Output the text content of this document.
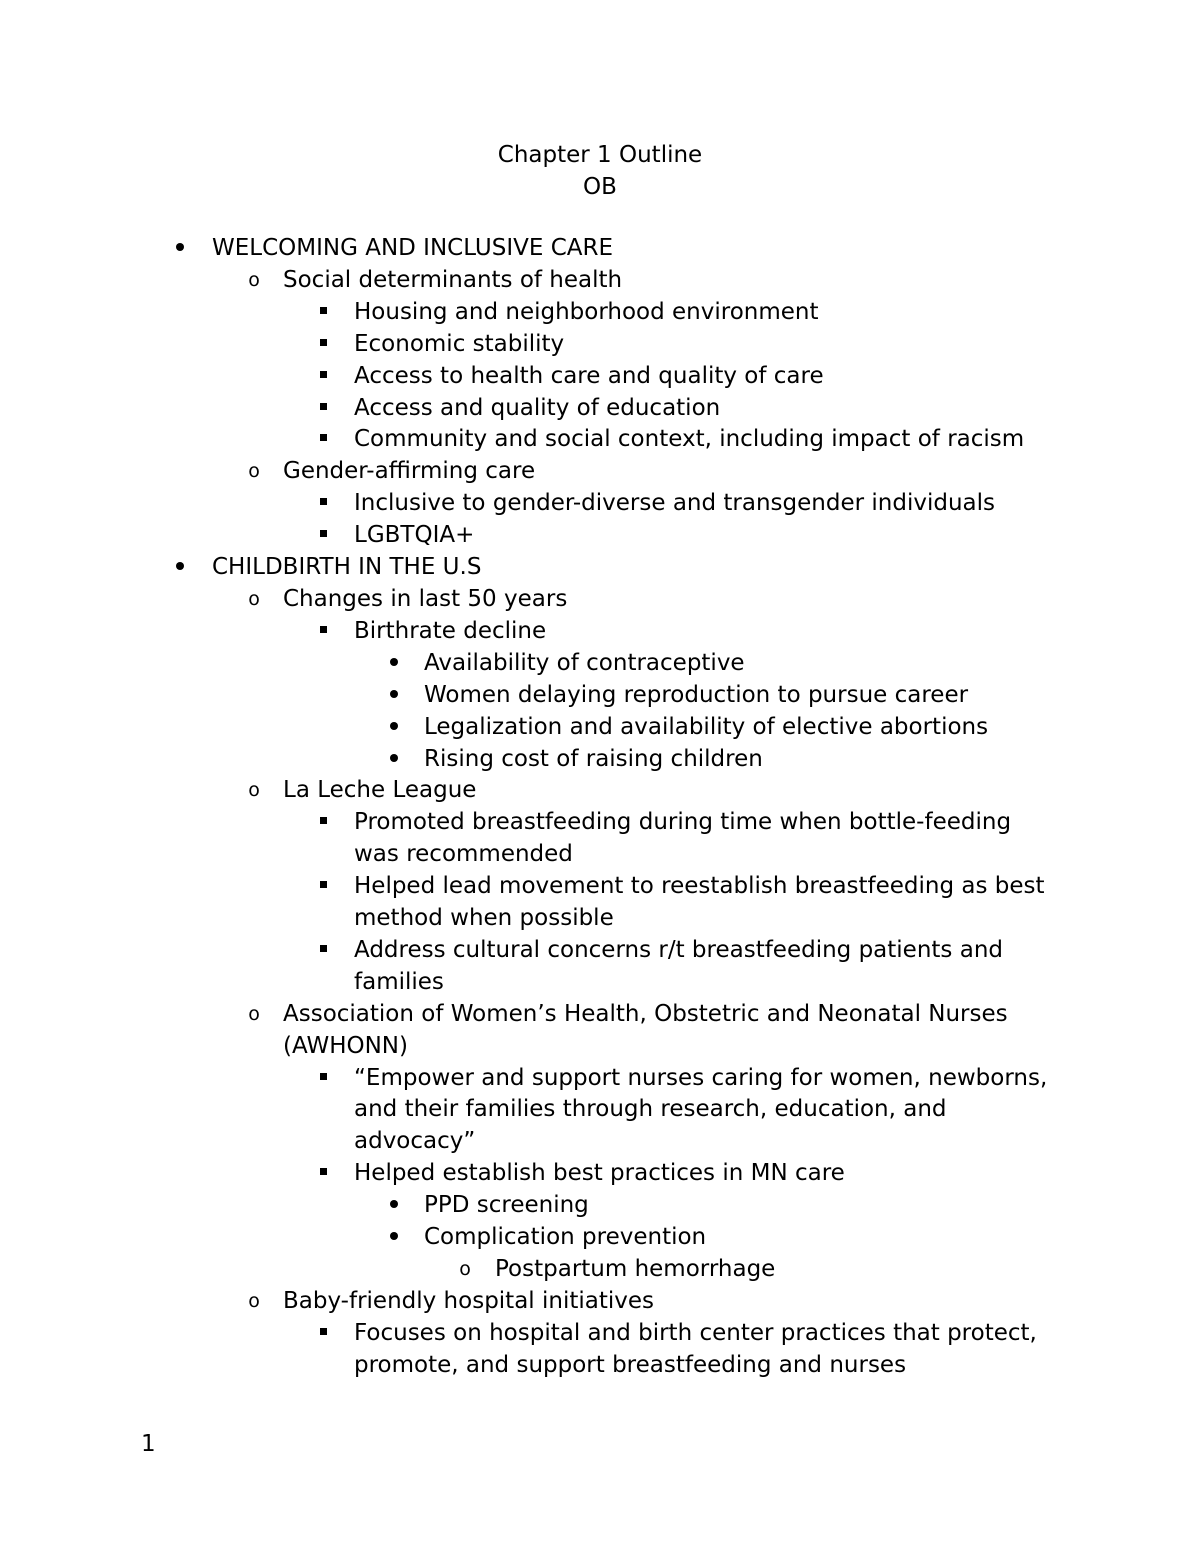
Chapter 1 Outline
OB
WELCOMING AND INCLUSIVE CARE
o Social determinants of health
Housing and neighborhood environment
Economic stability
Access to health care and quality of care
Access and quality of education
Community and social context, including impact of racism
o Gender-affirming care
Inclusive to gender-diverse and transgender individuals
LGBTQIA+
CHILDBIRTH IN THE U.S
o Changes in last 50 years
Birthrate decline
Availability of contraceptive
Women delaying reproduction to pursue career
Legalization and availability of elective abortions
Rising cost of raising children
o La Leche League
Promoted breastfeeding during time when bottle-feeding was recommended
Helped lead movement to reestablish breastfeeding as best method when possible
Address cultural concerns r/t breastfeeding patients and families
o Association of Women’s Health, Obstetric and Neonatal Nurses (AWHONN)
“Empower and support nurses caring for women, newborns, and their families through research, education, and advocacy”
Helped establish best practices in MN care
PPD screening
Complication prevention
o Postpartum hemorrhage
o Baby-friendly hospital initiatives
Focuses on hospital and birth center practices that protect, promote, and support breastfeeding and nurses
1
